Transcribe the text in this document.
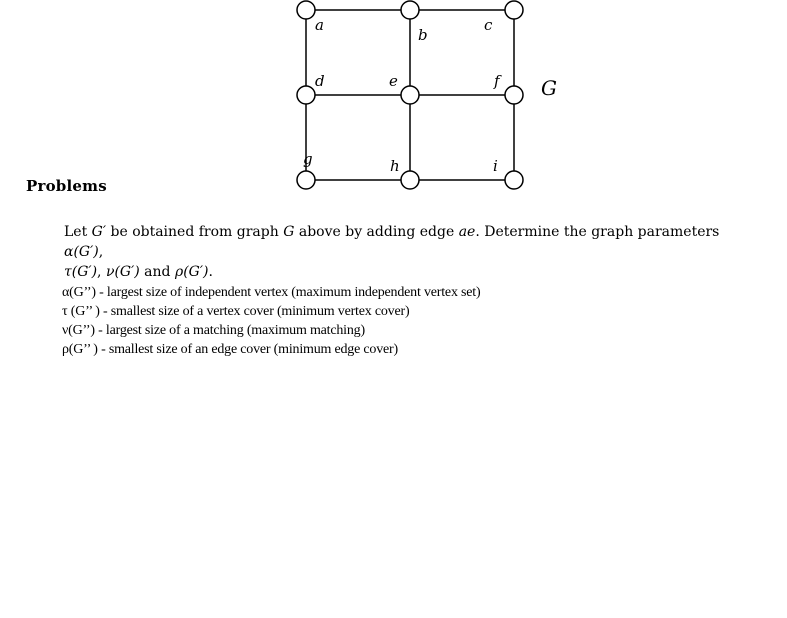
a
b
c
d	e	f
g	h	i
G
Problems
Let G′ be obtained from graph G above by adding edge ae. Determine the graph parameters α(G′),
τ(G′), ν(G′) and ρ(G′).
α(G’’) - largest size of independent vertex (maximum independent vertex set)
τ (G’’ ) - smallest size of a vertex cover (minimum vertex cover)
ν(G’’) - largest size of a matching (maximum matching)
ρ(G’’ ) - smallest size of an edge cover (minimum edge cover)
